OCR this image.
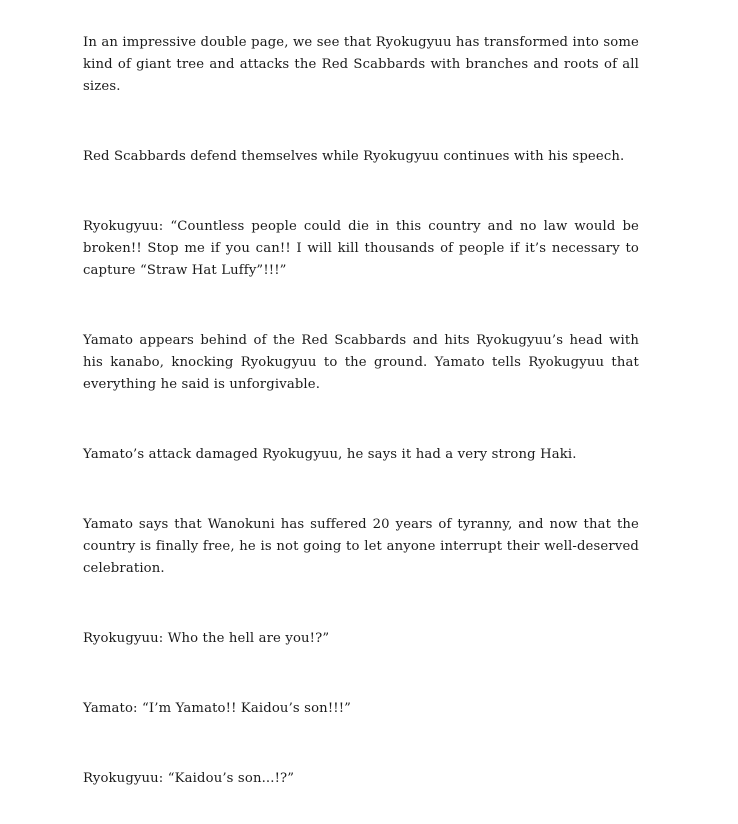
In an impressive double page, we see that Ryokugyuu has transformed into some kind of giant tree and attacks the Red Scabbards with branches and roots of all sizes.

Red Scabbards defend themselves while Ryokugyuu continues with his speech.

Ryokugyuu: “Countless people could die in this country and no law would be broken!! Stop me if you can!! I will kill thousands of people if it’s necessary to capture “Straw Hat Luffy”!!!”

Yamato appears behind of the Red Scabbards and hits Ryokugyuu’s head with his kanabo, knocking Ryokugyuu to the ground. Yamato tells Ryokugyuu that everything he said is unforgivable.

Yamato’s attack damaged Ryokugyuu, he says it had a very strong Haki.

Yamato says that Wanokuni has suffered 20 years of tyranny, and now that the country is finally free, he is not going to let anyone interrupt their well-deserved celebration.

Ryokugyuu: Who the hell are you!?”

Yamato: “I’m Yamato!! Kaidou’s son!!!”

Ryokugyuu: “Kaidou’s son...!?”
